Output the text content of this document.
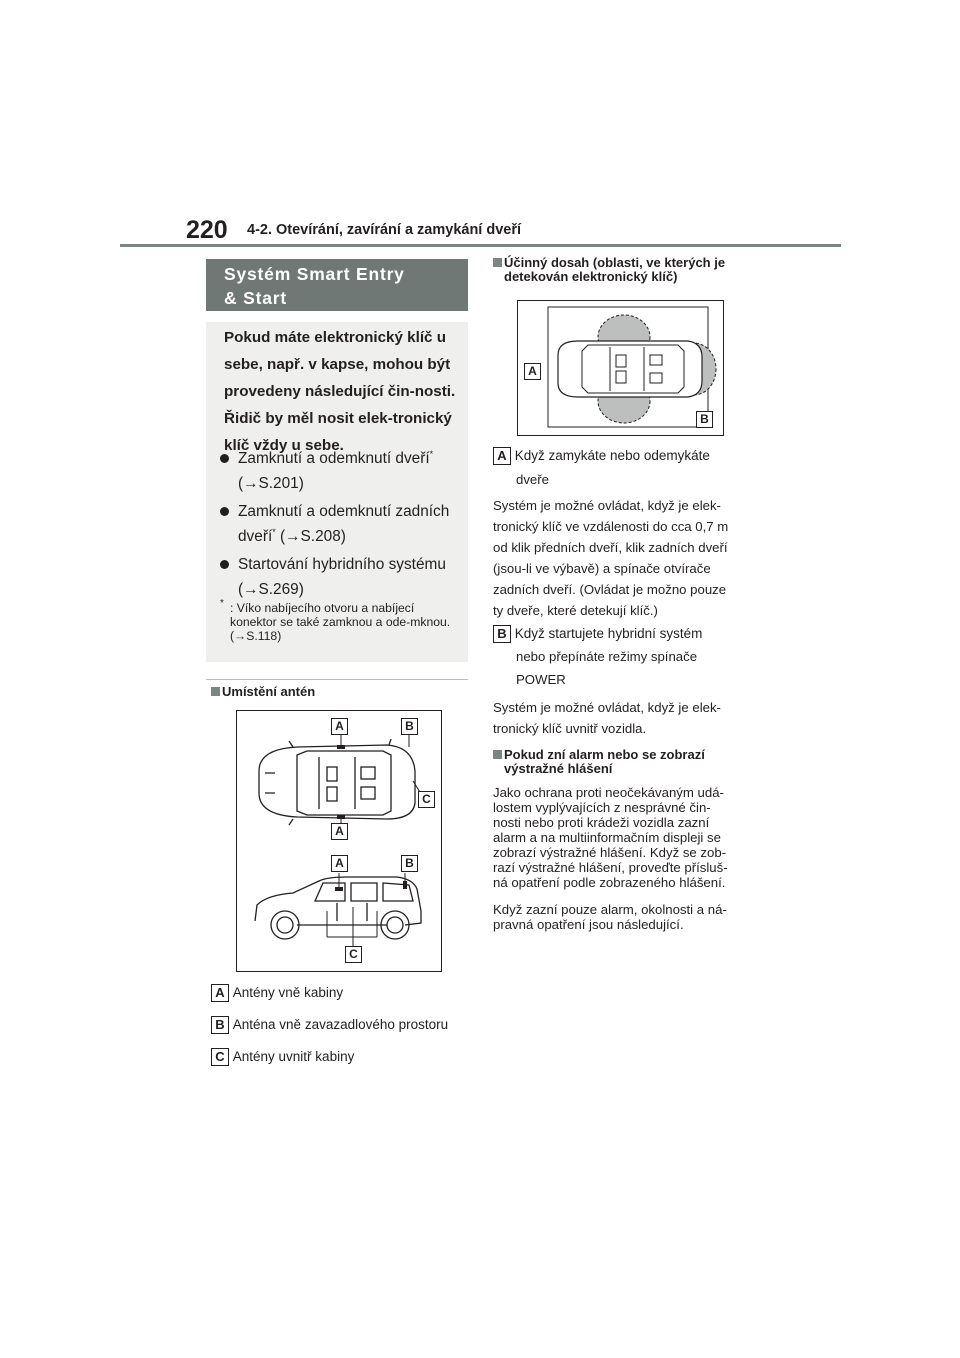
220 4-2. Otevírání, zavírání a zamykání dveří
Systém Smart Entry
& Start
Pokud máte elektronický klíč u sebe, např. v kapse, mohou být provedeny následující čin-nosti. Řidič by měl nosit elek-tronický klíč vždy u sebe.
Zamknutí a odemknutí dveří*
(→S.201)
Zamknutí a odemknutí zadních dveří* (→S.208)
Startování hybridního systému
(→S.269)
* : Víko nabíjecího otvoru a nabíjecí konektor se také zamknou a ode-mknou. (→S.118)
Umístění antén
A	B
C
A
A	B
C
A Antény vně kabiny
B Anténa vně zavazadlového prostoru
C Antény uvnitř kabiny
Účinný dosah (oblasti, ve kterých je detekován elektronický klíč)
A
B
A Když zamykáte nebo odemykáte
dveře
Systém je možné ovládat, když je elek-
tronický klíč ve vzdálenosti do cca 0,7 m
od klik předních dveří, klik zadních dveří
(jsou-li ve výbavě) a spínače otvírače
zadních dveří. (Ovládat je možno pouze
ty dveře, které detekují klíč.)
B Když startujete hybridní systém
nebo přepínáte režimy spínače
POWER
Systém je možné ovládat, když je elek-
tronický klíč uvnitř vozidla.
Pokud zní alarm nebo se zobrazí
výstražné hlášení
Jako ochrana proti neočekávaným udá-
lostem vyplývajících z nesprávné čin-
nosti nebo proti krádeži vozidla zazní
alarm a na multiinformačním displeji se
zobrazí výstražné hlášení. Když se zob-
razí výstražné hlášení, proveďte přísluš-
ná opatření podle zobrazeného hlášení.
Když zazní pouze alarm, okolnosti a ná-
pravná opatření jsou následující.
